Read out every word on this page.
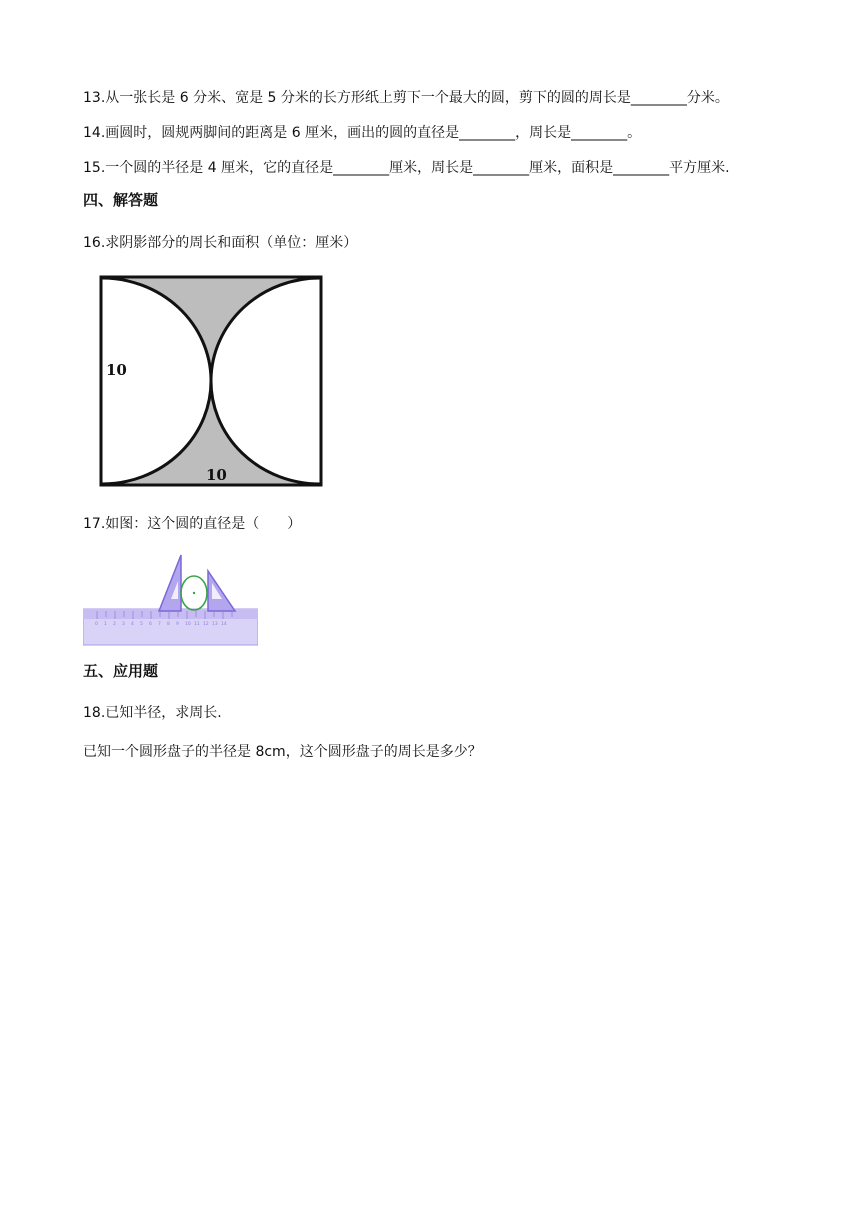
13.从一张长是 6 分米、宽是 5 分米的长方形纸上剪下一个最大的圆，剪下的圆的周长是________分米。
14.画圆时，圆规两脚间的距离是 6 厘米，画出的圆的直径是________，周长是________。
15.一个圆的半径是 4 厘米，它的直径是________厘米，周长是________厘米，面积是________平方厘米.
四、解答题
16.求阴影部分的周长和面积（单位：厘米）
10
10
17.如图：这个圆的直径是（　　）
0 1 2 3 4 5 6 7 8 9 10 11 12 13 14
五、应用题
18.已知半径，求周长.
已知一个圆形盘子的半径是 8cm，这个圆形盘子的周长是多少？
